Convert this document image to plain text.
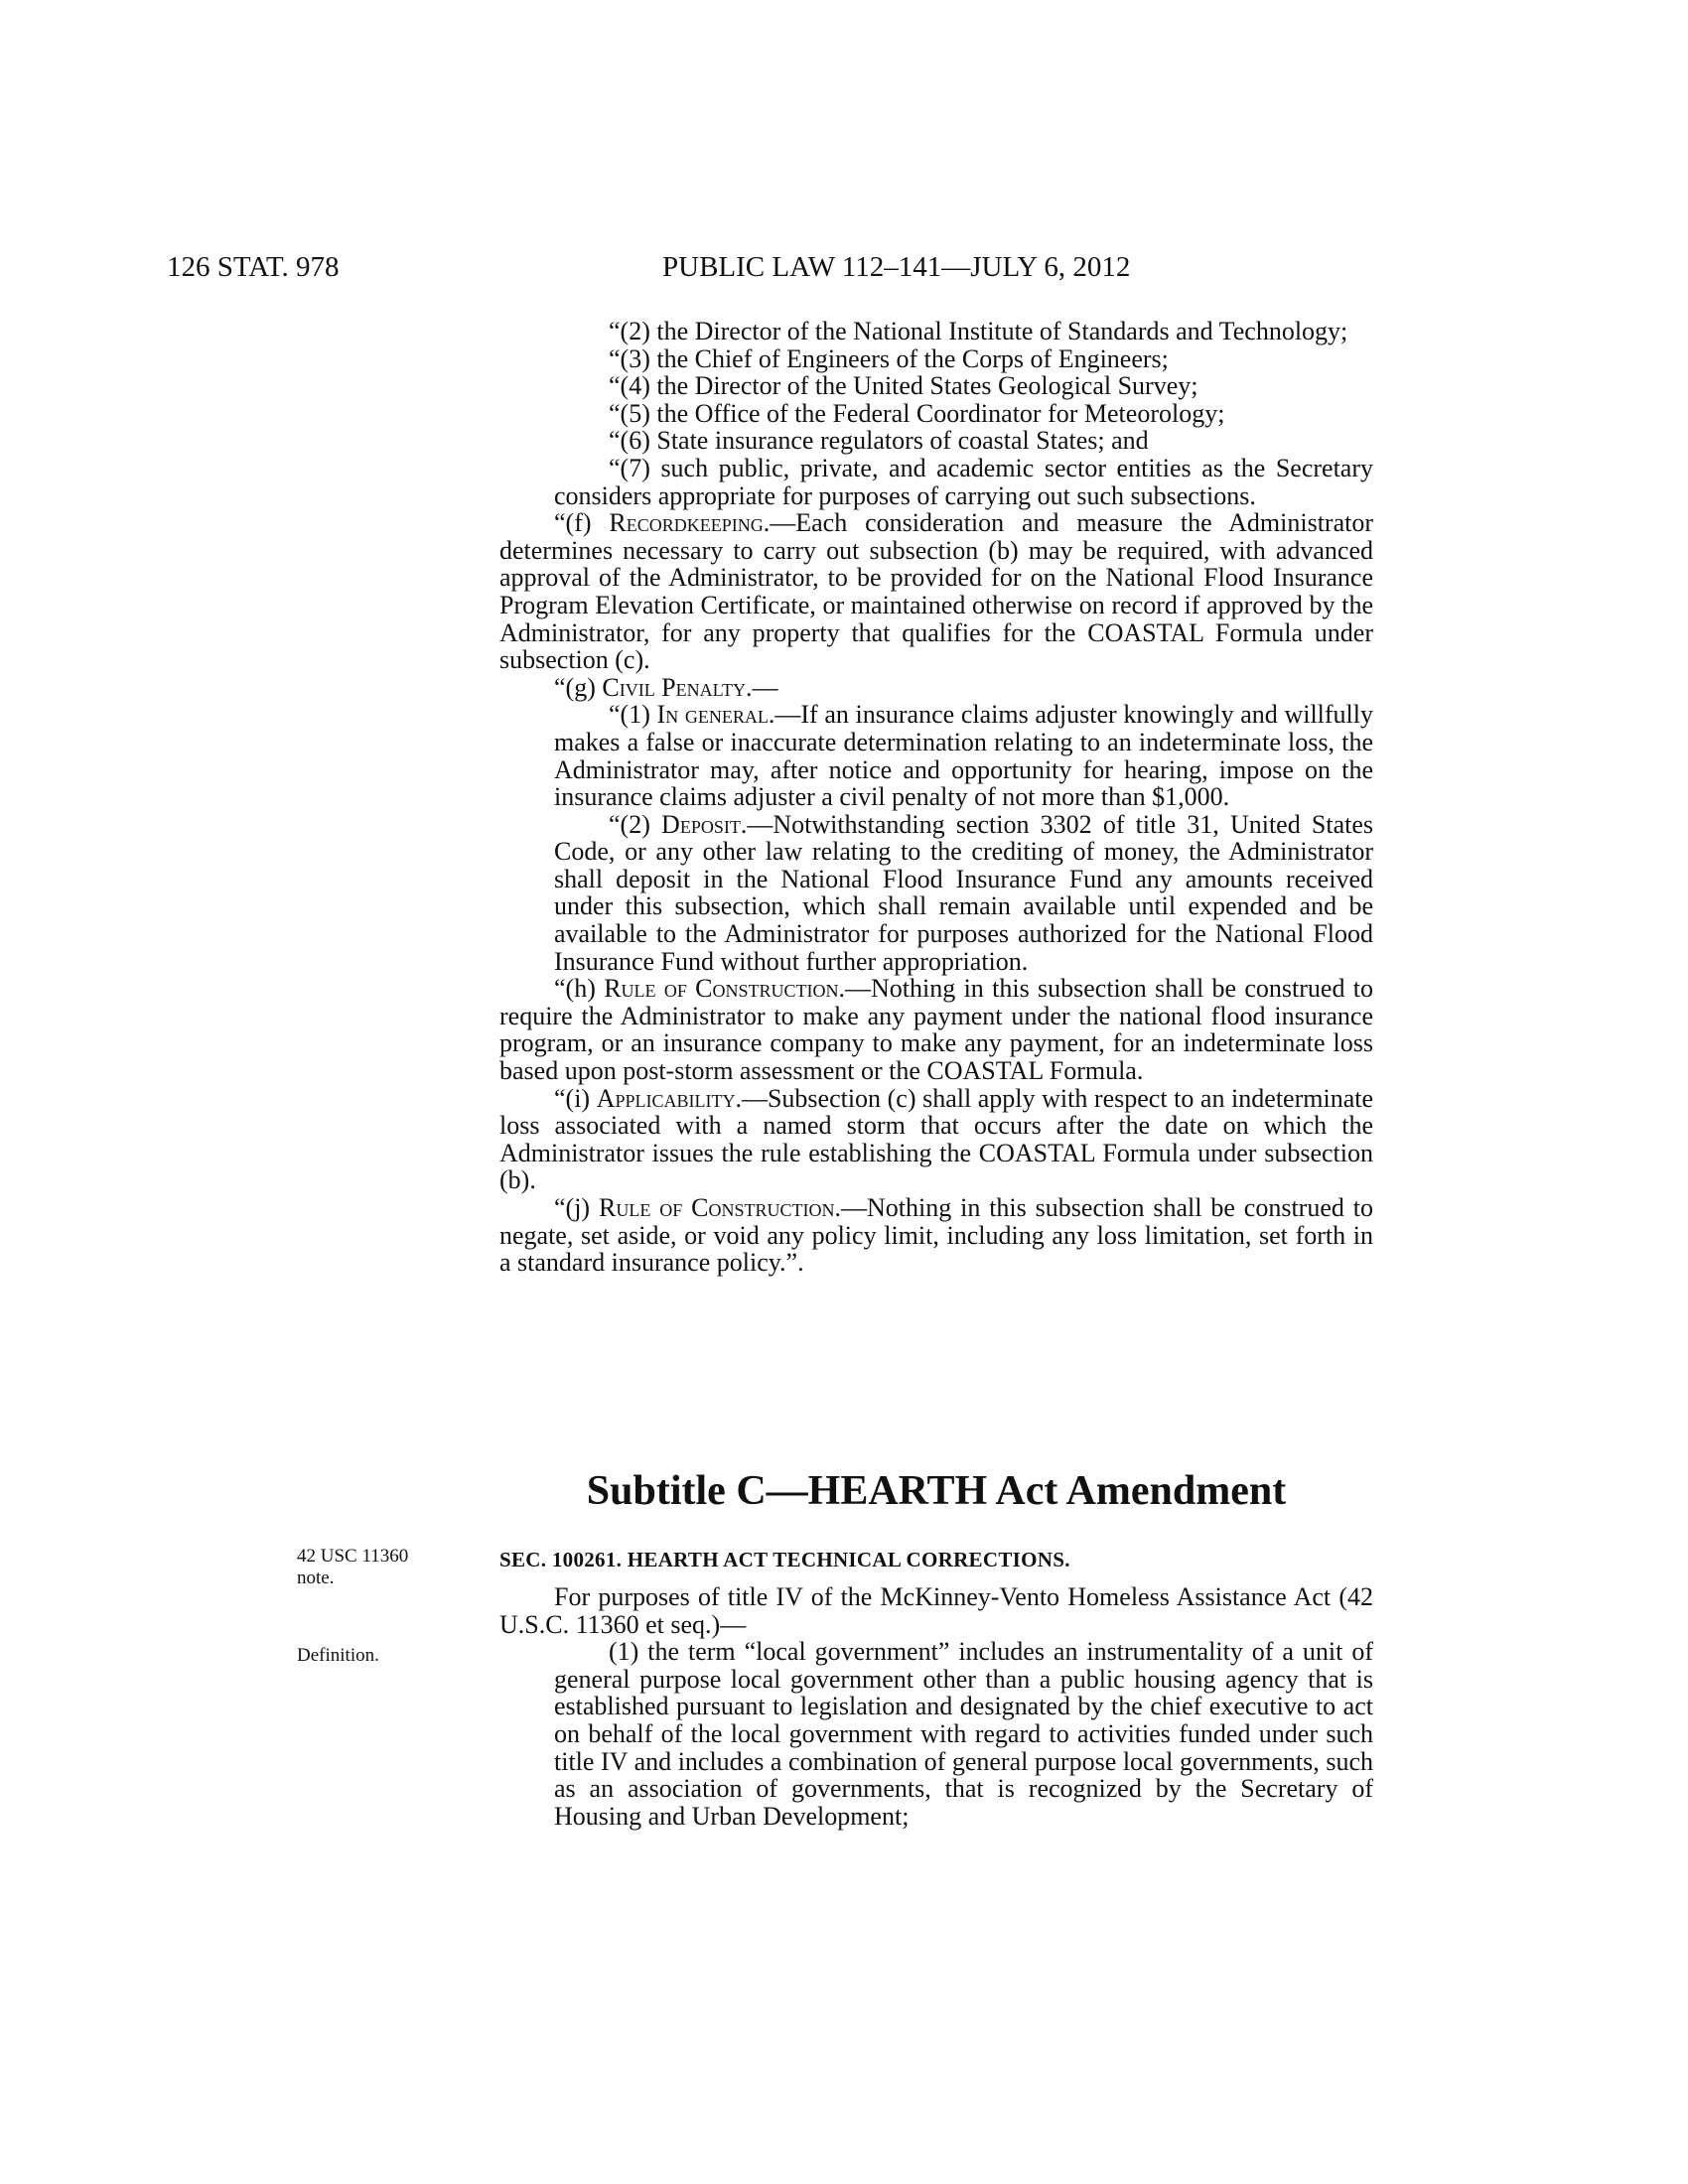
126 STAT. 978	PUBLIC LAW 112–141—JULY 6, 2012

“(2) the Director of the National Institute of Standards and Technology;

“(3) the Chief of Engineers of the Corps of Engineers;

“(4) the Director of the United States Geological Survey;

“(5) the Office of the Federal Coordinator for Meteorology;

“(6) State insurance regulators of coastal States; and

“(7) such public, private, and academic sector entities as the Secretary considers appropriate for purposes of carrying out such subsections.

“(f) Recordkeeping.—Each consideration and measure the Administrator determines necessary to carry out subsection (b) may be required, with advanced approval of the Administrator, to be provided for on the National Flood Insurance Program Elevation Certificate, or maintained otherwise on record if approved by the Administrator, for any property that qualifies for the COASTAL Formula under subsection (c).

“(g) Civil Penalty.—

“(1) In general.—If an insurance claims adjuster knowingly and willfully makes a false or inaccurate determination relating to an indeterminate loss, the Administrator may, after notice and opportunity for hearing, impose on the insurance claims adjuster a civil penalty of not more than $1,000.

“(2) Deposit.—Notwithstanding section 3302 of title 31, United States Code, or any other law relating to the crediting of money, the Administrator shall deposit in the National Flood Insurance Fund any amounts received under this subsection, which shall remain available until expended and be available to the Administrator for purposes authorized for the National Flood Insurance Fund without further appropriation.

“(h) Rule of Construction.—Nothing in this subsection shall be construed to require the Administrator to make any payment under the national flood insurance program, or an insurance company to make any payment, for an indeterminate loss based upon post-storm assessment or the COASTAL Formula.

“(i) Applicability.—Subsection (c) shall apply with respect to an indeterminate loss associated with a named storm that occurs after the date on which the Administrator issues the rule establishing the COASTAL Formula under subsection (b).

“(j) Rule of Construction.—Nothing in this subsection shall be construed to negate, set aside, or void any policy limit, including any loss limitation, set forth in a standard insurance policy.”.

Subtitle C—HEARTH Act Amendment
42 USC 11360
note.
SEC. 100261. HEARTH ACT TECHNICAL CORRECTIONS.
Definition.

For purposes of title IV of the McKinney-Vento Homeless Assistance Act (42 U.S.C. 11360 et seq.)—

(1) the term “local government” includes an instrumentality of a unit of general purpose local government other than a public housing agency that is established pursuant to legislation and designated by the chief executive to act on behalf of the local government with regard to activities funded under such title IV and includes a combination of general purpose local governments, such as an association of governments, that is recognized by the Secretary of Housing and Urban Development;
